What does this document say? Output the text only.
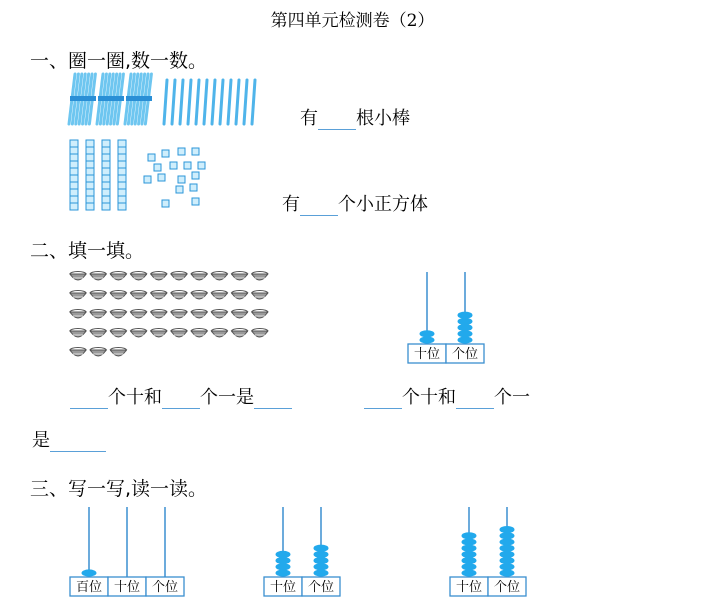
第四单元检测卷（2）
一、圈一圈,数一数。
有 根小棒
有 个小正方体
二、填一填。
十位 个位
个十和 个一是	个十和 个一
是
三、写一写,读一读。
百位 十位 个位	十位 个位	十位 个位
